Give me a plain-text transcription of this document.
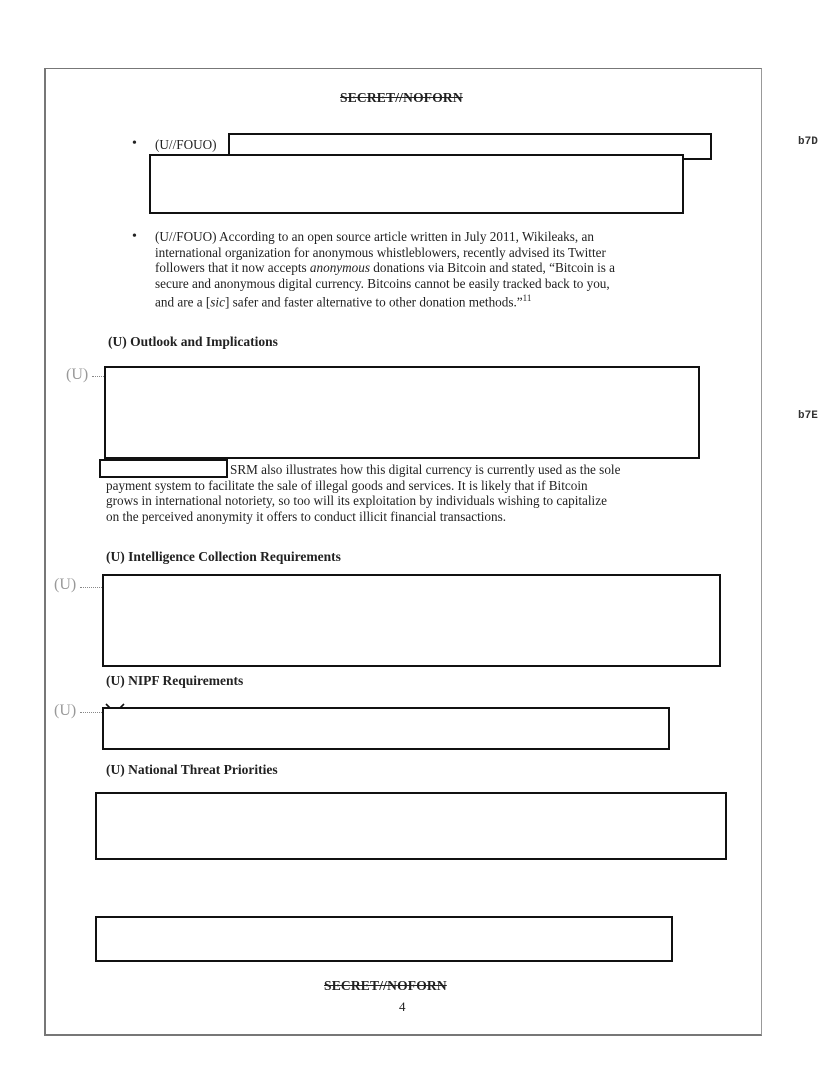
SECRET//NOFORN
b7D
b7E
• (U//FOUO)
• (U//FOUO) According to an open source article written in July 2011, Wikileaks, an
international organization for anonymous whistleblowers, recently advised its Twitter
followers that it now accepts anonymous donations via Bitcoin and stated, “Bitcoin is a
secure and anonymous digital currency. Bitcoins cannot be easily tracked back to you,
and are a [sic] safer and faster alternative to other donation methods.”$^{11}$
(U) Outlook and Implications
(U)
SRM also illustrates how this digital currency is currently used as the sole
payment system to facilitate the sale of illegal goods and services. It is likely that if Bitcoin
grows in international notoriety, so too will its exploitation by individuals wishing to capitalize
on the perceived anonymity it offers to conduct illicit financial transactions.
(U) Intelligence Collection Requirements
(U)
(U) NIPF Requirements
(U)
(U) National Threat Priorities
SECRET//NOFORN
4
